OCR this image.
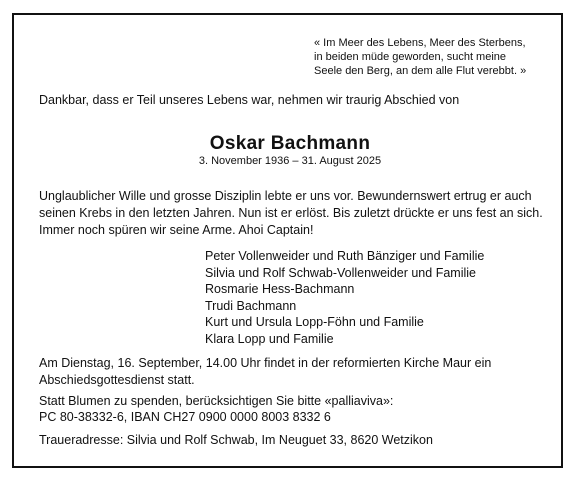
« Im Meer des Lebens, Meer des Sterbens,
in beiden müde geworden, sucht meine
Seele den Berg, an dem alle Flut verebbt. »

Dankbar, dass er Teil unseres Lebens war, nehmen wir traurig Abschied von

Oskar Bachmann

3. November 1936 – 31. August 2025

Unglaublicher Wille und grosse Disziplin lebte er uns vor. Bewundernswert ertrug er auch
seinen Krebs in den letzten Jahren. Nun ist er erlöst. Bis zuletzt drückte er uns fest an sich.
Immer noch spüren wir seine Arme. Ahoi Captain!

Peter Vollenweider und Ruth Bänziger und Familie
Silvia und Rolf Schwab-Vollenweider und Familie
Rosmarie Hess-Bachmann
Trudi Bachmann
Kurt und Ursula Lopp-Föhn und Familie
Klara Lopp und Familie

Am Dienstag, 16. September, 14.00 Uhr findet in der reformierten Kirche Maur ein
Abschiedsgottesdienst statt.

Statt Blumen zu spenden, berücksichtigen Sie bitte «palliaviva»:
PC 80-38332-6, IBAN CH27 0900 0000 8003 8332 6

Traueradresse: Silvia und Rolf Schwab, Im Neuguet 33, 8620 Wetzikon
